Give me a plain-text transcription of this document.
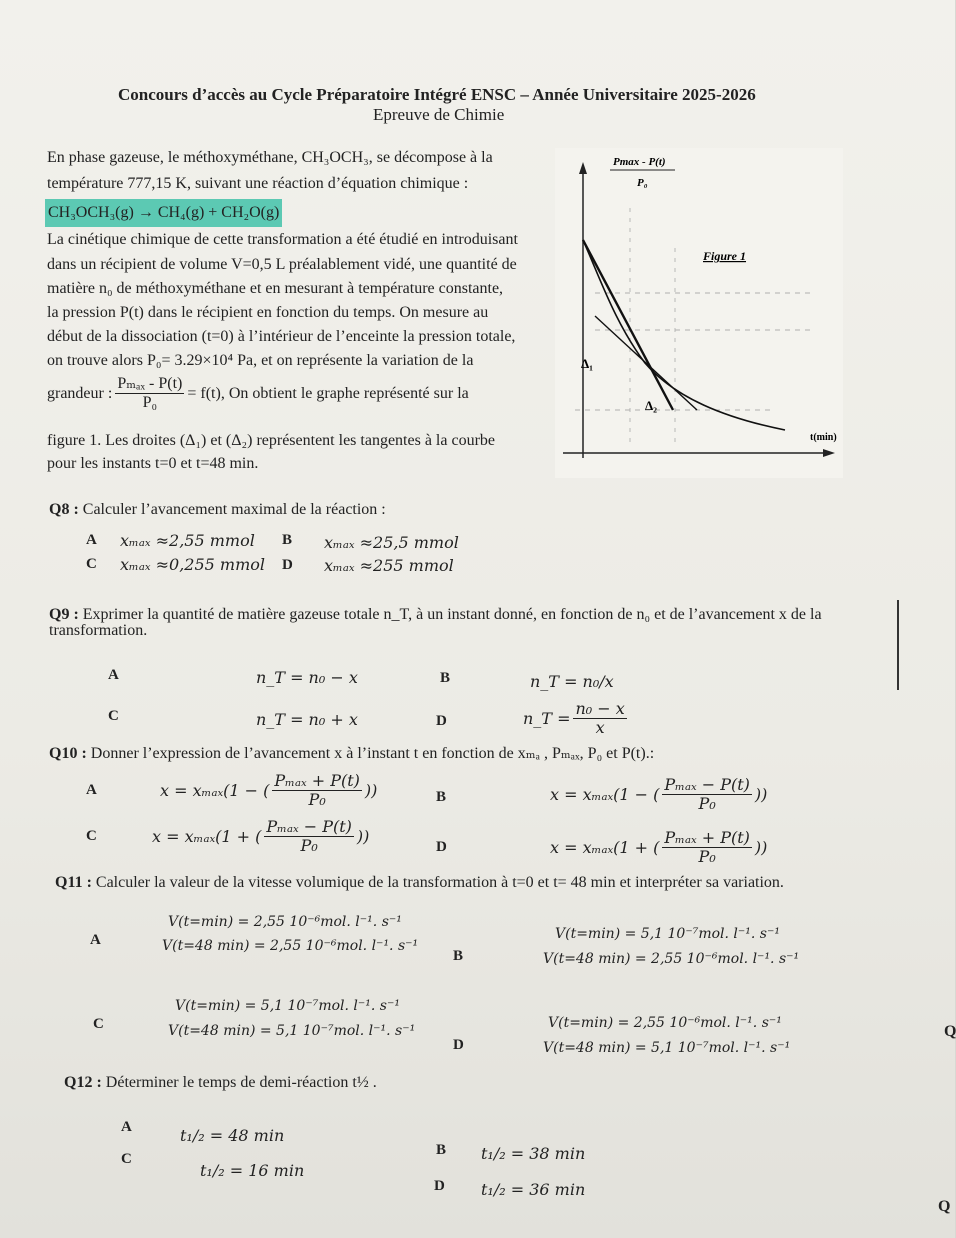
Concours d’accès au Cycle Préparatoire Intégré ENSC – Année Universitaire 2025-2026
Epreuve de Chimie
En phase gazeuse, le méthoxyméthane, CH₃OCH₃, se décompose à la
température 777,15 K, suivant une réaction d’équation chimique :
CH₃OCH₃(g) → CH₄(g) + CH₂O(g)
La cinétique chimique de cette transformation a été étudié en introduisant
dans un récipient de volume V=0,5 L préalablement vidé, une quantité de
matière n₀ de méthoxyméthane et en mesurant à température constante,
la pression P(t) dans le récipient en fonction du temps. On mesure au
début de la dissociation (t=0) à l’intérieur de l’enceinte la pression totale,
on trouve alors P₀= 3.29×10⁴ Pa, et on représente la variation de la
grandeur : $\frac{\text{Pₘₐₓ - P(t)}}{\text{P₀}} = f(t)$, On obtient le graphe représenté sur la
figure 1. Les droites (Δ₁) et (Δ₂) représentent les tangentes à la courbe
pour les instants t=0 et t=48 min.
Pmax - P(t)
P₀
Figure 1
t(min)
Δ₁
Δ₂
Q8 : Calculer l’avancement maximal de la réaction :
A xₘₐₓ ≈2,55 mmol B xₘₐₓ ≈25,5 mmol
C xₘₐₓ ≈0,255 mmol D xₘₐₓ ≈255 mmol
Q9 : Exprimer la quantité de matière gazeuse totale n_T, à un instant donné, en fonction de n₀ et de l’avancement x de la
transformation.
A	n_T = n₀ − x	B	n_T = n₀/x
C	n_T = n₀ + x	D	n_T = $\frac{\text{n₀ − x}}{x}$
Q10 : Donner l’expression de l’avancement x à l’instant t en fonction de xₘₐ , Pₘₐₓ, P₀ et P(t).:
A	x = xₘₐₓ(1 − ( $\frac{\text{Pₘₐₓ + P(t)}}{\text{P₀}}$ ))	B	x = xₘₐₓ(1 − ( $\frac{\text{Pₘₐₓ − P(t)}}{\text{P₀}}$ ))
C	x = xₘₐₓ(1 + ( $\frac{\text{Pₘₐₓ − P(t)}}{\text{P₀}}$ ))
D	x = xₘₐₓ(1 + ( $\frac{\text{Pₘₐₓ + P(t)}}{\text{P₀}}$ ))
Q11 : Calculer la valeur de la vitesse volumique de la transformation à t=0 et t= 48 min et interpréter sa variation.
A
V(t=min) = 2,55 10⁻⁶mol. l⁻¹. s⁻¹
V(t=48 min) = 2,55 10⁻⁶mol. l⁻¹. s⁻¹
B
V(t=min) = 5,1 10⁻⁷mol. l⁻¹. s⁻¹
V(t=48 min) = 2,55 10⁻⁶mol. l⁻¹. s⁻¹
C
V(t=min) = 5,1 10⁻⁷mol. l⁻¹. s⁻¹
V(t=48 min) = 5,1 10⁻⁷mol. l⁻¹. s⁻¹
D
V(t=min) = 2,55 10⁻⁶mol. l⁻¹. s⁻¹
V(t=48 min) = 5,1 10⁻⁷mol. l⁻¹. s⁻¹
Q12 : Déterminer le temps de demi-réaction t½ .
A	t₁/₂ = 48 min
B t₁/₂ = 38 min
C
t₁/₂ = 16 min
D t₁/₂ = 36 min
Q
Q
